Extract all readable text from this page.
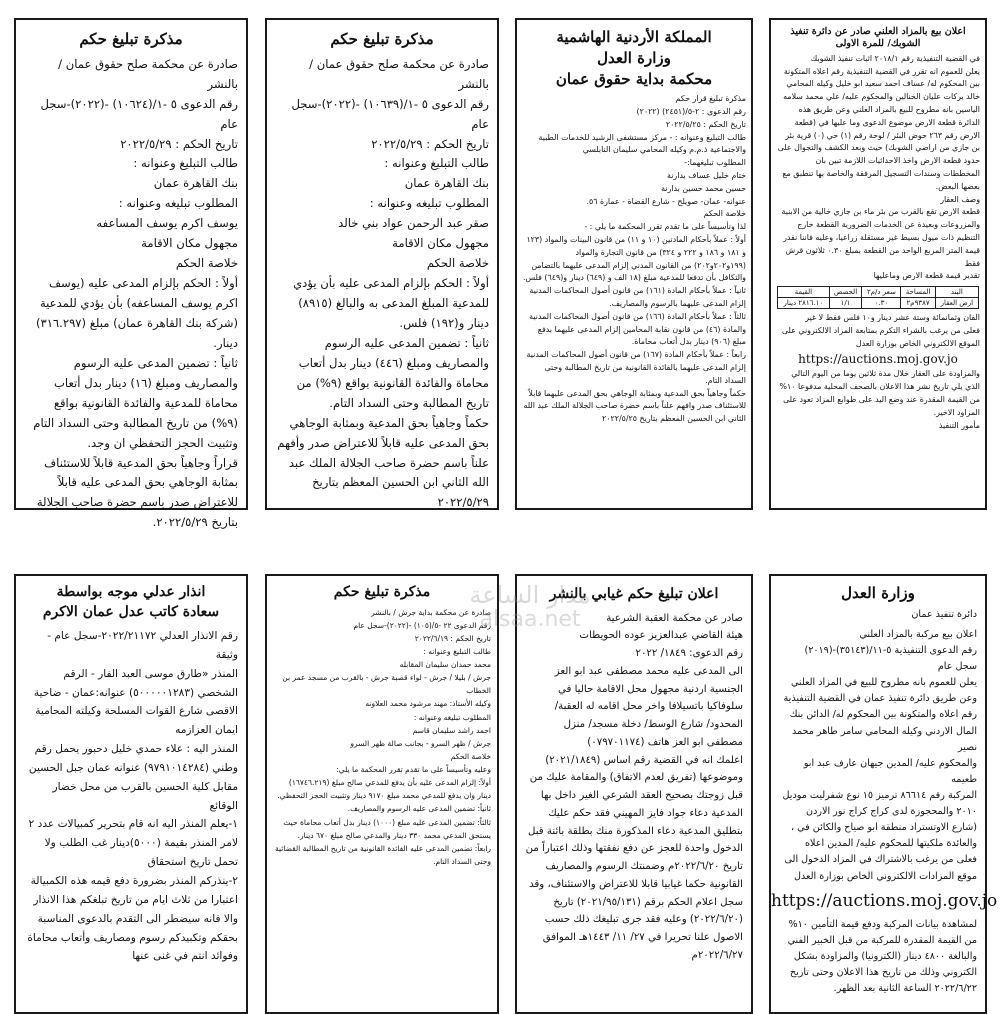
مذكرة تبليغ حكم
صادرة عن محكمة صلح حقوق عمان / بالنشر
رقم الدعوى ٥ -١/(١٠٦٢٤) -(٢٠٢٢)-سجل عام
تاريخ الحكم : ٢٠٢٢/٥/٢٩
طالب التبليغ وعنوانه :
بنك القاهرة عمان
المطلوب تبليغه وعنوانه :
يوسف اكرم يوسف المساعفه
مجهول مكان الاقامة
خلاصة الحكم
أولاً : الحكم بإلزام المدعى عليه (يوسف اكرم يوسف المساعفه) بأن يؤدي للمدعية (شركة بنك القاهرة عمان) مبلغ (٣١٦.٢٩٧) دينار.
ثانياً : تضمين المدعى عليه الرسوم والمصاريف ومبلغ (١٦) دينار بدل أتعاب محاماة للمدعية والفائدة القانونية بواقع (٩%) من تاريخ المطالبة وحتى السداد التام وتثبيت الحجز التحفظي ان وجد.
قراراً وجاهياً بحق المدعية قابلاً للاستئناف بمثابة الوجاهي بحق المدعى عليه قابلاً للاعتراض صدر باسم حضرة صاحب الجلالة بتاريخ ٢٠٢٢/٥/٢٩.
مذكرة تبليغ حكم
صادرة عن محكمة صلح حقوق عمان / بالنشر
رقم الدعوى ٥ -١/(١٠٦٣٩) -(٢٠٢٢)-سجل عام
تاريخ الحكم : ٢٠٢٢/٥/٢٩
طالب التبليغ وعنوانه :
بنك القاهرة عمان
المطلوب تبليغه وعنوانه :
صقر عبد الرحمن عواد بني خالد
مجهول مكان الاقامة
خلاصة الحكم
أولاً : الحكم بإلزام المدعى عليه بأن يؤدي للمدعية المبلغ المدعى به والبالغ (٨٩١٥) دينار و(١٩٢) فلس.
ثانياً : تضمين المدعى عليه الرسوم والمصاريف ومبلغ (٤٤٦) دينار بدل أتعاب محاماة والفائدة القانونية بواقع (٩%) من تاريخ المطالبة وحتى السداد التام.
حكماً وجاهياً بحق المدعية وبمثابة الوجاهي بحق المدعى عليه قابلاً للاعتراض صدر وأفهم علناً باسم حضرة صاحب الجلالة الملك عبد الله الثاني ابن الحسين المعظم بتاريخ ٢٠٢٢/٥/٢٩
المملكة الأردنية الهاشمية
وزارة العدل
محكمة بداية حقوق عمان
مذكرة تبليغ قرار حكم
رقم الدعوى : ٢-٥/(٢٤٥١) (٢٠٢٢)
تاريخ الحكم : ٢٠٢٢/٥/٢٥
طالب التبليغ وعنوانه : - مركز مستشفى الرشيد للخدمات الطبية والاجتماعية ذ.م.م وكيله المحامي سليمان النابلسي
المطلوب تبليغهما:-
ختام خليل عساف بدارنة
حسين محمد حسين بدارنة
عنوانه- عمان- صويلح - شارع القضاة - عمارة ٥٦.
خلاصة الحكم
لذا وتأسيساً على ما تقدم تقرر المحكمة ما يلي : -
أولاً : عملاً بأحكام المادتين (١٠ و ١١) من قانون البينات والمواد (١٢٣ و ١٨١ و ١٨٦ و ٢٢٢ و ٣٢٤) من قانون التجارة والمواد (١٩٩و٢٠٢و٢٠٢) من القانون المدني إلزام المدعى عليهما بالتضامن والتكافل بأن تدفعا للمدعية مبلغ (١٨ الف و (٦٤٩) دينار و(٦٤٩) فلس.
ثانياً : عملاً بأحكام المادة (١٦١) من قانون أصول المحاكمات المدنية إلزام المدعى عليهما بالرسوم والمصاريف.
ثالثاً : عملاً بأحكام المادة (١٦٦) من قانون أصول المحاكمات المدنية والمادة (٤٦) من قانون نقابة المحامين إلزام المدعى عليهما بدفع مبلغ (٩٠٦) دينار بدل أتعاب محاماة.
رابعاً : عملاً بأحكام المادة (١٦٧) من قانون أصول المحاكمات المدنية إلزام المدعى عليهما بالفائدة القانونية من تاريخ المطالبة وحتى السداد التام.
حكماً وجاهياً بحق المدعية وبمثابة الوجاهي بحق المدعى عليهما قابلاً للاستئناف صدر وافهم علناً باسم حضرة صاحب الجلالة الملك عبد الله الثاني ابن الحسين المعظم بتاريخ ٢٠٢٢/٥/٢٥
اعلان بيع بالمزاد العلني صادر عن دائرة تنفيذ الشوبك/ للمرة الاولى
في القضية التنفيذية رقم ٢٠١٨/١ اثبات تنفيذ الشوبك
يعلن للعموم انه تقرر في القضية التنفيذية رقم اعلاه المتكونة بين المحكوم له/ عساف احمد سعيد ابو خليل وكيله المحامي خالد بركات عليان الخنالين والمحكوم عليه/ علي محمد سلامه الياسين بانه مطروح للبيع بالمزاد العلني وعن طريق هذه الدائرة قطعة الارض موضوع الدعوى وما عليها في (قطعة الارض رقم ٢٦٣ حوض البئر / لوحة رقم (١) حي (٠) قرية بئر بن جازي من اراضي الشوبك) حيث وبعد الكشف والتجوال على حدود قطعة الارض واخذ الاحداثيات اللازمة تبين بان المخططات وسندات التسجيل المرفقة والخاصة بها تنطبق مع بعضها البعض.
وصف العقار
قطعة الارض تقع بالقرب من بئر ماء بن جازي خالية من الابنية والمزروعات وبعيدة عن الخدمات الضرورية القطعة خارج التنظيم ذات ميول بسيط غير مستقلة زراعيا، وعليه فاننا نقدر قيمة المتر المربع الواحد من القطعة بمبلغ ٠.٣٠ ثلاثون قرش فقط
تقدير قيمة قطعة الارض وماعليها
البند	المساحة	سعر د/م٢	الحصص	القيمة
ارض العقار	٩٣٨٧م٢	٠.٣٠	١/١	٢٨١٦.١٠ دينار
الفان وثمانمائة وستة عشر دينار و١٠ فلس فقط لا غير
فعلى من يرغب بالشراء التكرم بمتابعة المزاد الالكتروني على الموقع الالكتروني الخاص بوزارة العدل
https://auctions.moj.gov.jo
والمزاودة على العقار خلال مدة ثلاثين يوما من اليوم التالي الذي يلي تاريخ نشر هذا الاعلان بالصحف المحلية مدفوعا ١٠% من القيمة المقدرة عند وضع اليد على طوابع المزاد تعود على المزاود الاخير.
مأمور التنفيذ
انذار عدلي موجه بواسطة
سعادة كاتب عدل عمان الاكرم
رقم الانذار العدلي ٢٠٢٢/٢١١٧٢-سجل عام - وثيقة
المنذر «طارق موسى العبد الفار - الرقم الشخصي (٥٠٠٠٠٠١٢٨٣) عنوانه:عمان - ضاحية الاقصى شارع القوات المسلحة وكيلته المحامية ايمان العزازمه
المنذر اليه : علاء حمدي خليل دحبور يحمل رقم وطني (٩٧٩١٠١٤٢٨٤) عنوانه عمان جبل الحسين مقابل كلية الحسين بالقرب من محل خضار
الوقائع
١-يعلم المنذر اليه انه قام بتحرير كمبيالات عدد ٢ لامر المنذر بقيمة (٥٠٠٠)دينار غب الطلب ولا تحمل تاريخ استحقاق
٢-ينذركم المنذر بضرورة دفع قيمه هذه الكمبيالة اعتبارا من ثلاث ايام من تاريخ تبلغكم هذا الانذار والا فانه سيضطر الى التقدم بالدعوى المناسبة بحقكم وتكبيدكم رسوم ومصاريف وأتعاب محاماة وفوائد انتم في غنى عنها
مذكرة تبليغ حكم
صادرة عن محكمة بداية جرش / بالنشر
رقم الدعوى ٢٢ -٥/(١٠٥) -(٢٠٢٢)-سجل عام
تاريخ الحكم : ٢٠٢٢/٦/١٩
طالب التبليغ وعنوانه :
محمد حمدان سليمان المقابله
جرش / بليلا / جرش - لواء قصبة جرش - بالقرب من مسجد عمر بن الخطاب
وكيله الأستاذ: مهند مرشود محمد العلاونه
المطلوب تبليغه وعنوانه :
احمد راشد سليمان قاسم
جرش / ظهر السرو - بجانب صالة ظهر السرو
خلاصة الحكم
وعليه وتأسيساً على ما تقدم تقرر المحكمة ما يلي:
أولاً: إلزام المدعى عليه بأن يدفع للمدعي صالح مبلغ (١٦٧٤٦.٢١٩) دينار وان يدفع للمدعي محمد مبلغ ٩١٧٠ دينار وتثبيت الحجز التحفظي.
ثانياً: تضمين المدعى عليه الرسوم والمصاريف.
ثالثاً: تضمين المدعى عليه مبلغ (١٠٠٠) دينار بدل أتعاب محاماة حيث يستحق المدعي محمد ٣٣٠ دينار والمدعي صالح مبلغ ٦٧٠ دينار.
رابعاً: تضمين المدعى عليه الفائدة القانونية من تاريخ المطالبة القضائية وحتى السداد التام.
اعلان تبليغ حكم غيابي بالنشر
صادر عن محكمة العقبة الشرعية
هيئة القاضي عبدالعزيز عوده الحويطات
رقم الدعوى: ١٨٤٩/ ٢٠٢٢
الى المدعى عليه محمد مصطفى عبد ابو العز الجنسية اردنية مجهول محل الاقامة حاليا في سلوفاكيا باتسيلافا واخر محل اقامه له العقبة/ المحدود/ شارع الوسط/ دخلة مسجد/ منزل مصطفى ابو العز هاتف (٠٧٩٧٠١١٧٤)
اعلمك انه في القضية رقم اساس (٢٠٢١/١٨٤٩) وموضوعها (تفريق لعدم الاتفاق) والمقامة عليك من قبل زوجتك بصحيح العقد الشرعي الغير داخل بها المدعية دعاء جواد فايز المهيني فقد حكم عليك بتطليق المدعية دعاء المذكورة منك بطلقة بائنة قبل الدخول واحدة للعجز عن دفع نفقتها وذلك اعتباراً من تاريخ ٢٠٢٢/٦/٢٠م وضمنتك الرسوم والمصاريف القانونية حكما غيابيا قابلا للاعتراض والاستئناف، وقد سجل اعلام الحكم برقم (٢٠٢١/٩٥/١٣١) تاريخ (٢٠٢٢/٦/٢٠) وعليه فقد جرى تبليغك ذلك حسب الاصول علنا تحريرا في ٢٧/ ١١/ ١٤٤٣هـ الموافق ٢٠٢٢/٦/٢٧م
وزارة العدل
دائرة تنفيذ عمان
اعلان بيع مركبة بالمزاد العلني
رقم الدعوى التنفيذية ٥-١١/(٣٥١٤٣)-(٢٠١٩)
سجل عام
يعلن للعموم بانه مطروح للبيع في المزاد العلني وعن طريق دائرة تنفيذ عمان في القضية التنفيذية رقم اعلاه والمتكونة بين المحكوم له/ الدائن بنك المال الاردني وكيله المحامي سامر طاهر محمد نصير
والمحكوم عليه/ المدين جيهان عارف عبد ابو طعيمه
المركبة رقم ٨٦٦١٤ ترميز ١٥ نوع شفرليت موديل ٢٠١٠ والمحجوزة لدى كراج كراج نور الاردن (شارع الاوتستراد منطقة ابو صياح والكائن في ، والعائدة ملكيتها للمحكوم عليه/ المدين اعلاه
فعلى من يرغب بالاشتراك في المزاد الدخول الى موقع المزادات الالكتروني الخاص بوزارة العدل
https://auctions.moj.gov.jo
لمشاهدة بيانات المركبة ودفع قيمة التأمين ١٠% من القيمة المقدرة للمركبة من قبل الخبير الفني والبالغة ٤٨٠٠ دينار (الكترونيا) والمزاودة بشكل الكتروني وذلك من تاريخ هذا الاعلان وحتى تاريخ ٢٠٢٢/٦/٢٢ الساعة الثانية بعد الظهر.
مدار الساعة
alsaa.net
